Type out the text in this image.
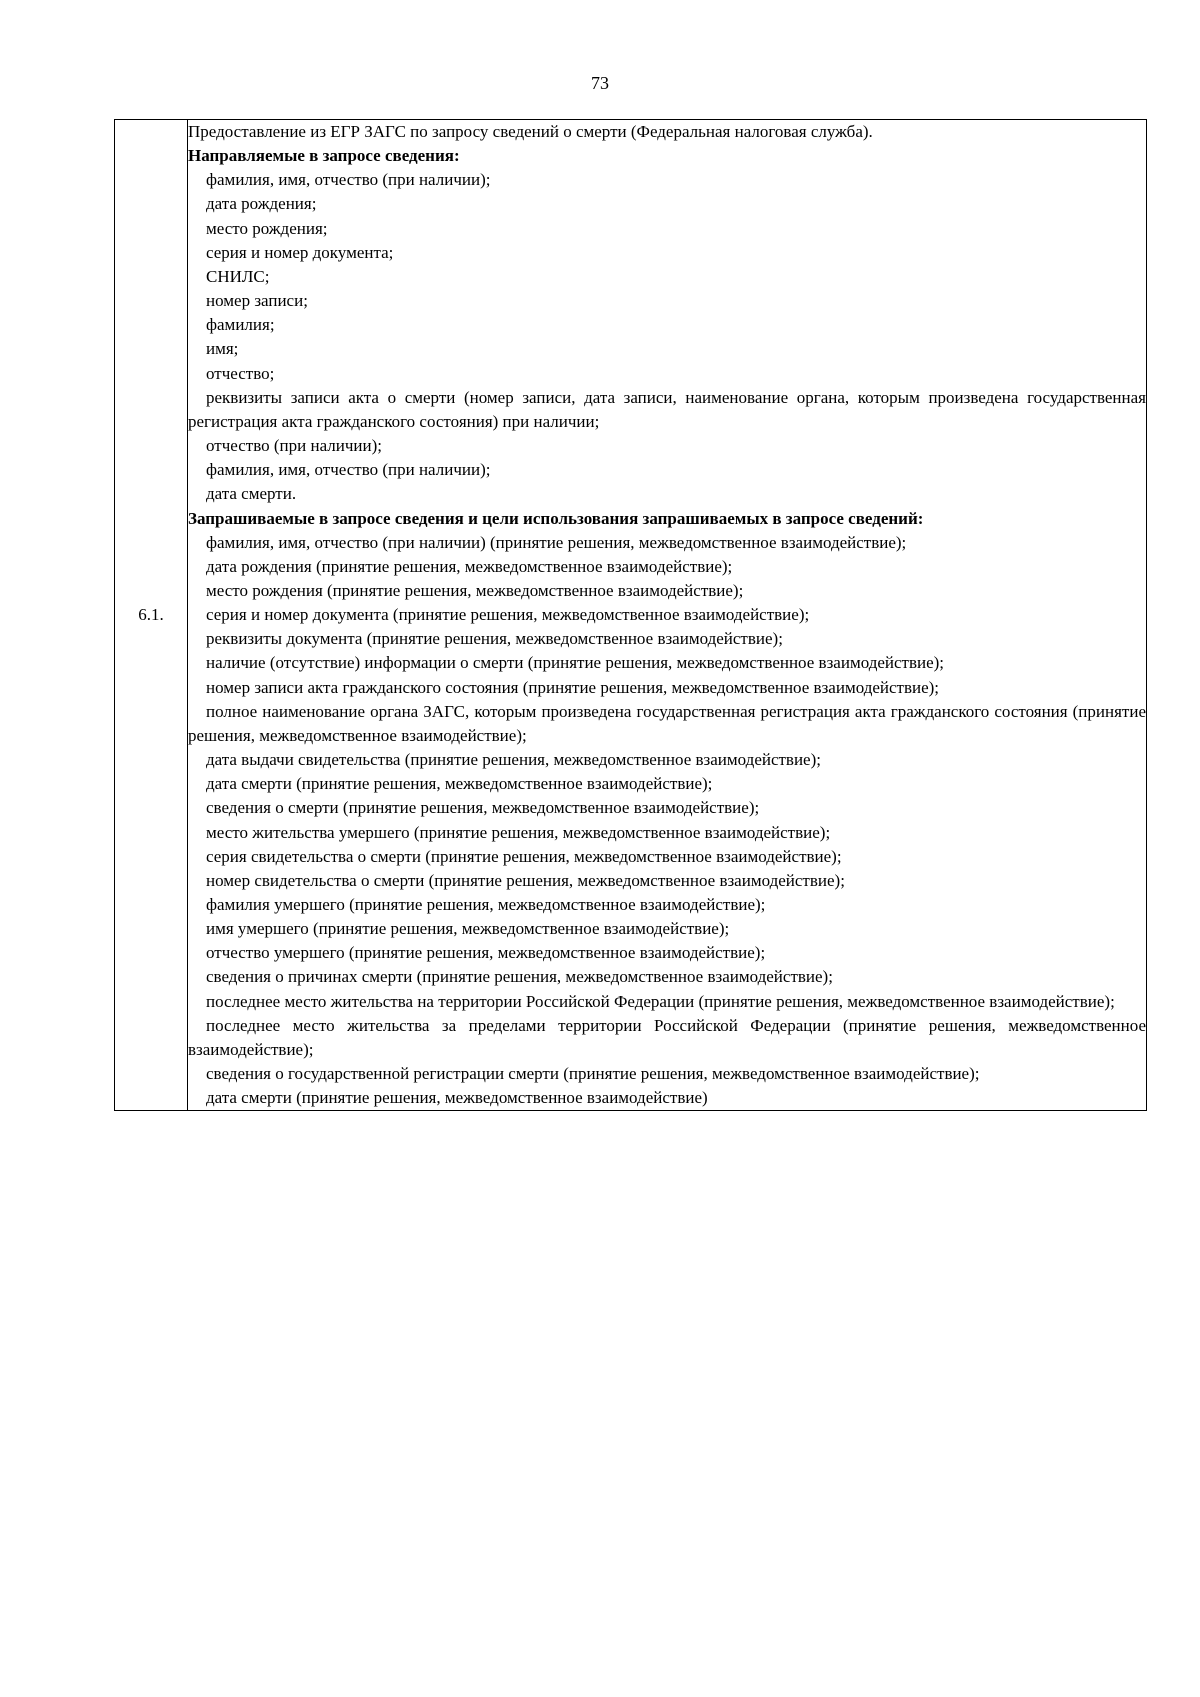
73
6.1.	

Предоставление из ЕГР ЗАГС по запросу сведений о смерти (Федеральная налоговая служба).

Направляемые в запросе сведения:

фамилия, имя, отчество (при наличии);

дата рождения;

место рождения;

серия и номер документа;

СНИЛС;

номер записи;

фамилия;

имя;

отчество;

реквизиты записи акта о смерти (номер записи, дата записи, наименование органа, которым произведена государственная регистрация акта гражданского состояния) при наличии;

отчество (при наличии);

фамилия, имя, отчество (при наличии);

дата смерти.

Запрашиваемые в запросе сведения и цели использования запрашиваемых в запросе сведений:

фамилия, имя, отчество (при наличии) (принятие решения, межведомственное взаимодействие);

дата рождения (принятие решения, межведомственное взаимодействие);

место рождения (принятие решения, межведомственное взаимодействие);

серия и номер документа (принятие решения, межведомственное взаимодействие);

реквизиты документа (принятие решения, межведомственное взаимодействие);

наличие (отсутствие) информации о смерти (принятие решения, межведомственное взаимодействие);

номер записи акта гражданского состояния (принятие решения, межведомственное взаимодействие);

полное наименование органа ЗАГС, которым произведена государственная регистрация акта гражданского состояния (принятие решения, межведомственное взаимодействие);

дата выдачи свидетельства (принятие решения, межведомственное взаимодействие);

дата смерти (принятие решения, межведомственное взаимодействие);

сведения о смерти (принятие решения, межведомственное взаимодействие);

место жительства умершего (принятие решения, межведомственное взаимодействие);

серия свидетельства о смерти (принятие решения, межведомственное взаимодействие);

номер свидетельства о смерти (принятие решения, межведомственное взаимодействие);

фамилия умершего (принятие решения, межведомственное взаимодействие);

имя умершего (принятие решения, межведомственное взаимодействие);

отчество умершего (принятие решения, межведомственное взаимодействие);

сведения о причинах смерти (принятие решения, межведомственное взаимодействие);

последнее место жительства на территории Российской Федерации (принятие решения, межведомственное взаимодействие);

последнее место жительства за пределами территории Российской Федерации (принятие решения, межведомственное взаимодействие);

сведения о государственной регистрации смерти (принятие решения, межведомственное взаимодействие);

дата смерти (принятие решения, межведомственное взаимодействие)
